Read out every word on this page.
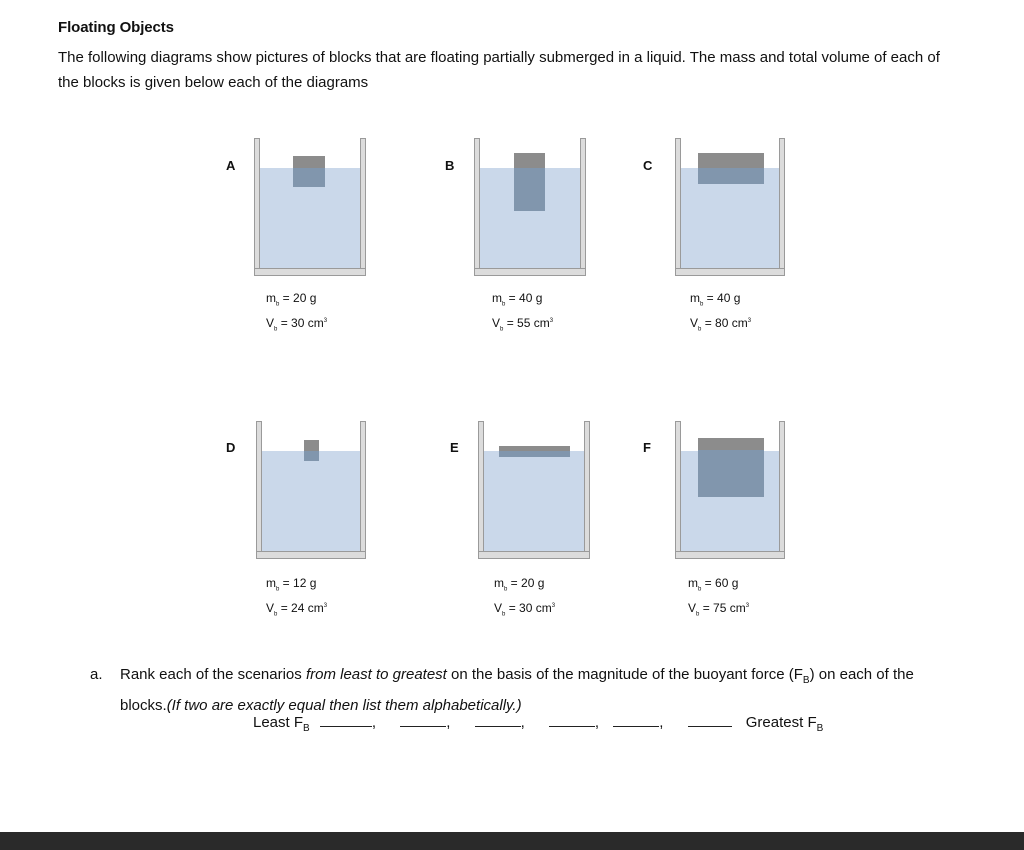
Floating Objects
The following diagrams show pictures of blocks that are floating partially submerged in a liquid. The mass and total volume of each of the blocks is given below each of the diagrams
A
$m_b = 20$ g
$V_b = 30$ $cm^3$
B
$m_b = 40$ g
$V_b = 55$ $cm^3$
C
$m_b = 40$ g
$V_b = 80$ $cm^3$
D
$m_b = 12$ g
$V_b = 24$ $cm^3$
E
$m_b = 20$ g
$V_b = 30$ $cm^3$
F
$m_b = 60$ g
$V_b = 75$ $cm^3$
a. Rank each of the scenarios from least to greatest on the basis of the magnitude of the buoyant force $(F_B)$ on each of the blocks.(If two are exactly equal then list them alphabetically.)
Least $F_B$	,	,	,	,	,	Greatest $F_B$
